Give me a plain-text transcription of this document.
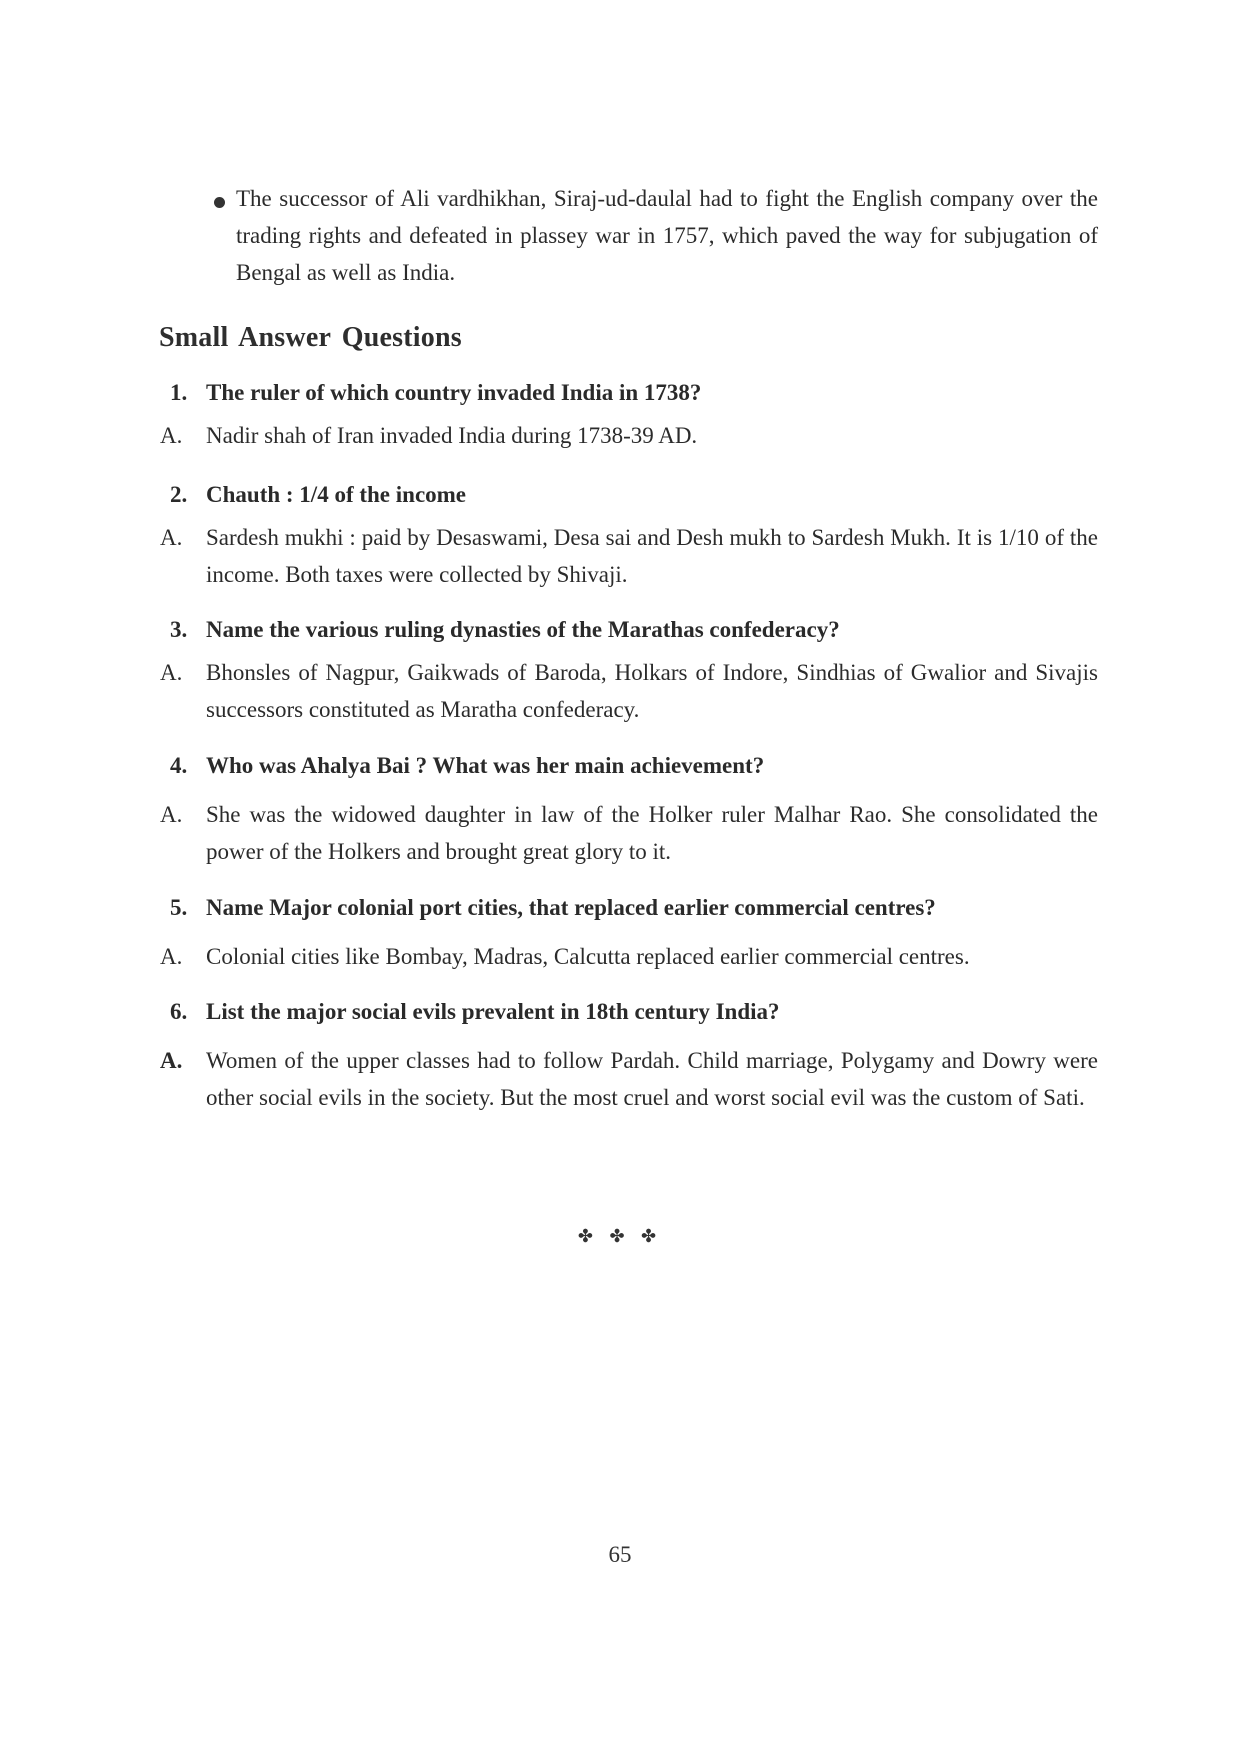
The successor of Ali vardhikhan, Siraj-ud-daulal had to fight the English company over the trading rights and defeated in plassey war in 1757, which paved the way for subjugation of Bengal as well as India.
Small Answer Questions
1. The ruler of which country invaded India in 1738?
A.	Nadir shah of Iran invaded India during 1738-39 AD.
2. Chauth : 1/4 of the income
A.	Sardesh mukhi : paid by Desaswami, Desa sai and Desh mukh to Sardesh Mukh. It is 1/10 of the income. Both taxes were collected by Shivaji.
3. Name the various ruling dynasties of the Marathas confederacy?
A.	Bhonsles of Nagpur, Gaikwads of Baroda, Holkars of Indore, Sindhias of Gwalior and Sivajis successors constituted as Maratha confederacy.
4. Who was Ahalya Bai ? What was her main achievement?
A.	She was the widowed daughter in law of the Holker ruler Malhar Rao. She consolidated the power of the Holkers and brought great glory to it.
5. Name Major colonial port cities, that replaced earlier commercial centres?
A.	Colonial cities like Bombay, Madras, Calcutta replaced earlier commercial centres.
6. List the major social evils prevalent in 18th century India?
A.	Women of the upper classes had to follow Pardah. Child marriage, Polygamy and Dowry were other social evils in the society. But the most cruel and worst social evil was the custom of Sati.
✤ ✤ ✤
65
